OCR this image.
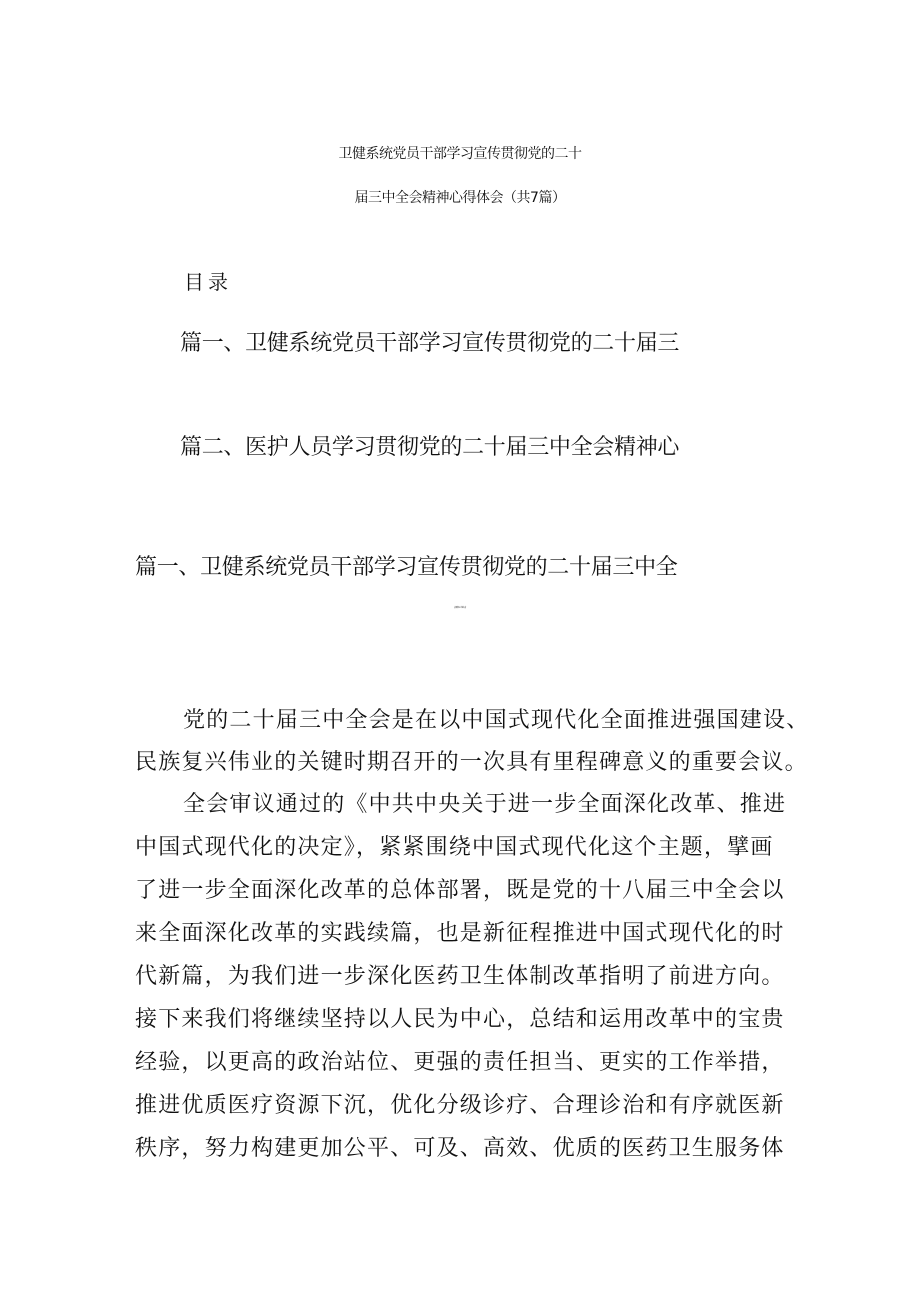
卫健系统党员干部学习宣传贯彻党的二十
届三中全会精神心得体会（共7篇）
目录
篇一、卫健系统党员干部学习宣传贯彻党的二十届三
篇二、医护人员学习贯彻党的二十届三中全会精神心
篇一、卫健系统党员干部学习宣传贯彻党的二十届三中全
会精神心得体会
党的二十届三中全会是在以中国式现代化全面推进强国建设、
民族复兴伟业的关键时期召开的一次具有里程碑意义的重要会议。
全会审议通过的《中共中央关于进一步全面深化改革、推进
中国式现代化的决定》，紧紧围绕中国式现代化这个主题，擘画
了进一步全面深化改革的总体部署，既是党的十八届三中全会以
来全面深化改革的实践续篇，也是新征程推进中国式现代化的时
代新篇，为我们进一步深化医药卫生体制改革指明了前进方向。
接下来我们将继续坚持以人民为中心，总结和运用改革中的宝贵
经验，以更高的政治站位、更强的责任担当、更实的工作举措，
推进优质医疗资源下沉，优化分级诊疗、合理诊治和有序就医新
秩序，努力构建更加公平、可及、高效、优质的医药卫生服务体
